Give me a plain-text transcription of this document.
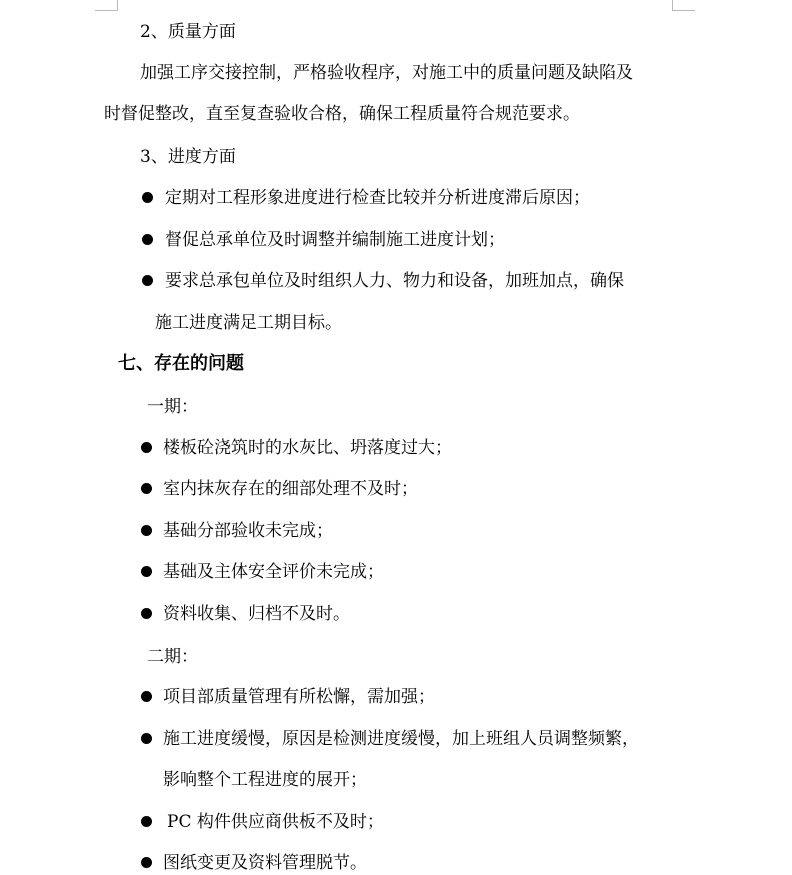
2、质量方面
加强工序交接控制，严格验收程序，对施工中的质量问题及缺陷及
时督促整改，直至复查验收合格，确保工程质量符合规范要求。
3、进度方面
定期对工程形象进度进行检查比较并分析进度滞后原因；
督促总承单位及时调整并编制施工进度计划；
要求总承包单位及时组织人力、物力和设备，加班加点，确保
施工进度满足工期目标。
七、存在的问题
一期：
楼板砼浇筑时的水灰比、坍落度过大；
室内抹灰存在的细部处理不及时；
基础分部验收未完成；
基础及主体安全评价未完成；
资料收集、归档不及时。
二期：
项目部质量管理有所松懈，需加强；
施工进度缓慢，原因是检测进度缓慢，加上班组人员调整频繁，
影响整个工程进度的展开；
PC 构件供应商供板不及时；
图纸变更及资料管理脱节。
